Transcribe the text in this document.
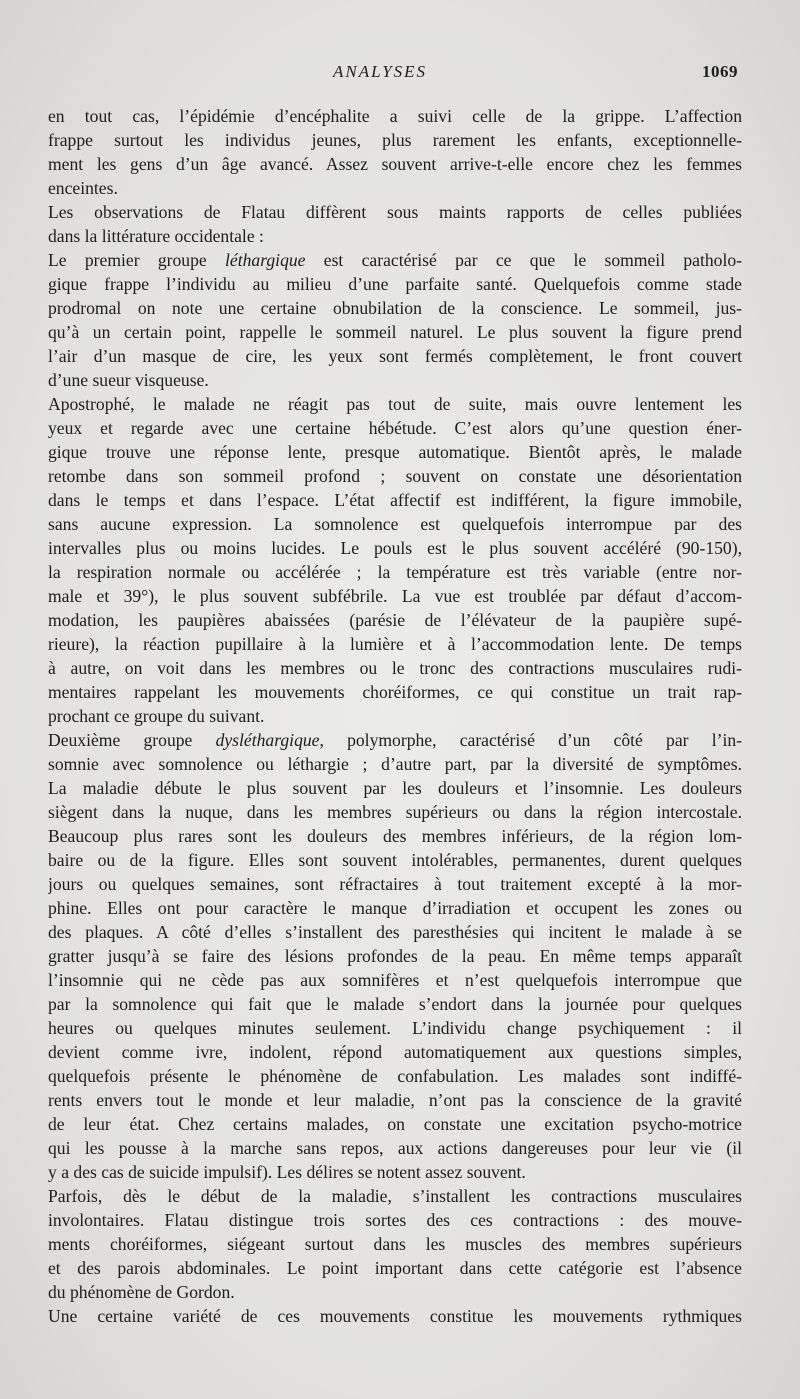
ANALYSES	1069
en tout cas, l’épidémie d’encéphalite a suivi celle de la grippe. L’affection
frappe surtout les individus jeunes, plus rarement les enfants, exceptionnelle-
ment les gens d’un âge avancé. Assez souvent arrive-t-elle encore chez les femmes
enceintes.
Les observations de Flatau diffèrent sous maints rapports de celles publiées
dans la littérature occidentale :
Le premier groupe léthargique est caractérisé par ce que le sommeil patholo-
gique frappe l’individu au milieu d’une parfaite santé. Quelquefois comme stade
prodromal on note une certaine obnubilation de la conscience. Le sommeil, jus-
qu’à un certain point, rappelle le sommeil naturel. Le plus souvent la figure prend
l’air d’un masque de cire, les yeux sont fermés complètement, le front couvert
d’une sueur visqueuse.
Apostrophé, le malade ne réagit pas tout de suite, mais ouvre lentement les
yeux et regarde avec une certaine hébétude. C’est alors qu’une question éner-
gique trouve une réponse lente, presque automatique. Bientôt après, le malade
retombe dans son sommeil profond ; souvent on constate une désorientation
dans le temps et dans l’espace. L’état affectif est indifférent, la figure immobile,
sans aucune expression. La somnolence est quelquefois interrompue par des
intervalles plus ou moins lucides. Le pouls est le plus souvent accéléré (90-150),
la respiration normale ou accélérée ; la température est très variable (entre nor-
male et 39°), le plus souvent subfébrile. La vue est troublée par défaut d’accom-
modation, les paupières abaissées (parésie de l’élévateur de la paupière supé-
rieure), la réaction pupillaire à la lumière et à l’accommodation lente. De temps
à autre, on voit dans les membres ou le tronc des contractions musculaires rudi-
mentaires rappelant les mouvements choréiformes, ce qui constitue un trait rap-
prochant ce groupe du suivant.
Deuxième groupe dysléthargique, polymorphe, caractérisé d’un côté par l’in-
somnie avec somnolence ou léthargie ; d’autre part, par la diversité de symptômes.
La maladie débute le plus souvent par les douleurs et l’insomnie. Les douleurs
siègent dans la nuque, dans les membres supérieurs ou dans la région intercostale.
Beaucoup plus rares sont les douleurs des membres inférieurs, de la région lom-
baire ou de la figure. Elles sont souvent intolérables, permanentes, durent quelques
jours ou quelques semaines, sont réfractaires à tout traitement excepté à la mor-
phine. Elles ont pour caractère le manque d’irradiation et occupent les zones ou
des plaques. A côté d’elles s’installent des paresthésies qui incitent le malade à se
gratter jusqu’à se faire des lésions profondes de la peau. En même temps apparaît
l’insomnie qui ne cède pas aux somnifères et n’est quelquefois interrompue que
par la somnolence qui fait que le malade s’endort dans la journée pour quelques
heures ou quelques minutes seulement. L’individu change psychiquement : il
devient comme ivre, indolent, répond automatiquement aux questions simples,
quelquefois présente le phénomène de confabulation. Les malades sont indiffé-
rents envers tout le monde et leur maladie, n’ont pas la conscience de la gravité
de leur état. Chez certains malades, on constate une excitation psycho-motrice
qui les pousse à la marche sans repos, aux actions dangereuses pour leur vie (il
y a des cas de suicide impulsif). Les délires se notent assez souvent.
Parfois, dès le début de la maladie, s’installent les contractions musculaires
involontaires. Flatau distingue trois sortes des ces contractions : des mouve-
ments choréiformes, siégeant surtout dans les muscles des membres supérieurs
et des parois abdominales. Le point important dans cette catégorie est l’absence
du phénomène de Gordon.
Une certaine variété de ces mouvements constitue les mouvements rythmiques
